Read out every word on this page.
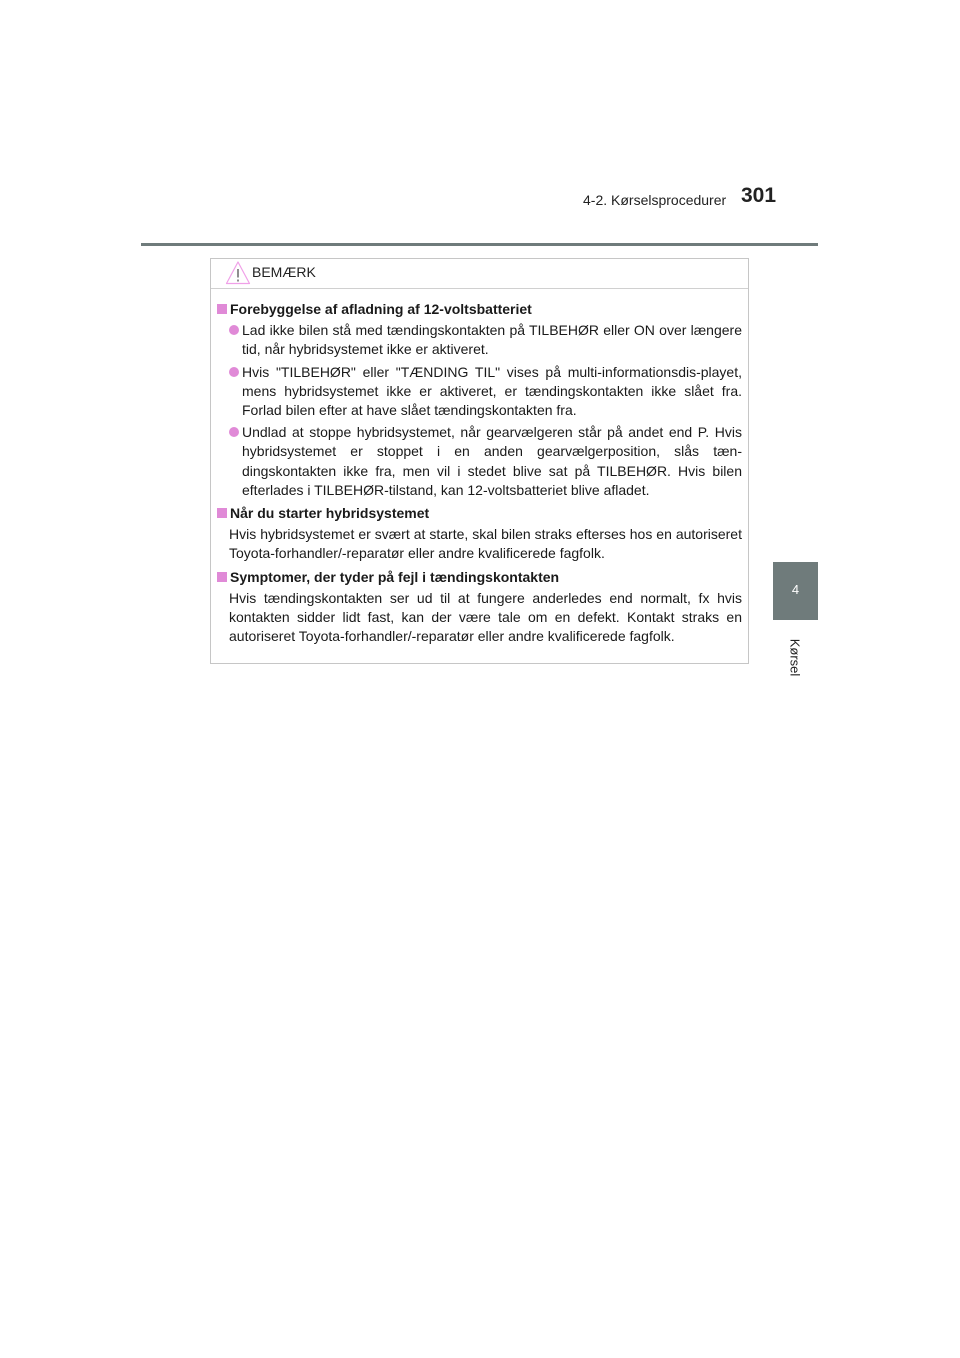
4-2. Kørselsprocedurer 301
4
Kørsel
BEMÆRK
Forebyggelse af afladning af 12-voltsbatteriet
Lad ikke bilen stå med tændingskontakten på TILBEHØR eller ON over længere tid, når hybridsystemet ikke er aktiveret.
Hvis "TILBEHØR" eller "TÆNDING TIL" vises på multi-informationsdis-playet, mens hybridsystemet ikke er aktiveret, er tændingskontakten ikke slået fra. Forlad bilen efter at have slået tændingskontakten fra.
Undlad at stoppe hybridsystemet, når gearvælgeren står på andet end P. Hvis hybridsystemet er stoppet i en anden gearvælgerposition, slås tæn-dingskontakten ikke fra, men vil i stedet blive sat på TILBEHØR. Hvis bilen efterlades i TILBEHØR-tilstand, kan 12-voltsbatteriet blive afladet.
Når du starter hybridsystemet
Hvis hybridsystemet er svært at starte, skal bilen straks efterses hos en autoriseret Toyota-forhandler/-reparatør eller andre kvalificerede fagfolk.
Symptomer, der tyder på fejl i tændingskontakten
Hvis tændingskontakten ser ud til at fungere anderledes end normalt, fx hvis kontakten sidder lidt fast, kan der være tale om en defekt. Kontakt straks en autoriseret Toyota-forhandler/-reparatør eller andre kvalificerede fagfolk.
